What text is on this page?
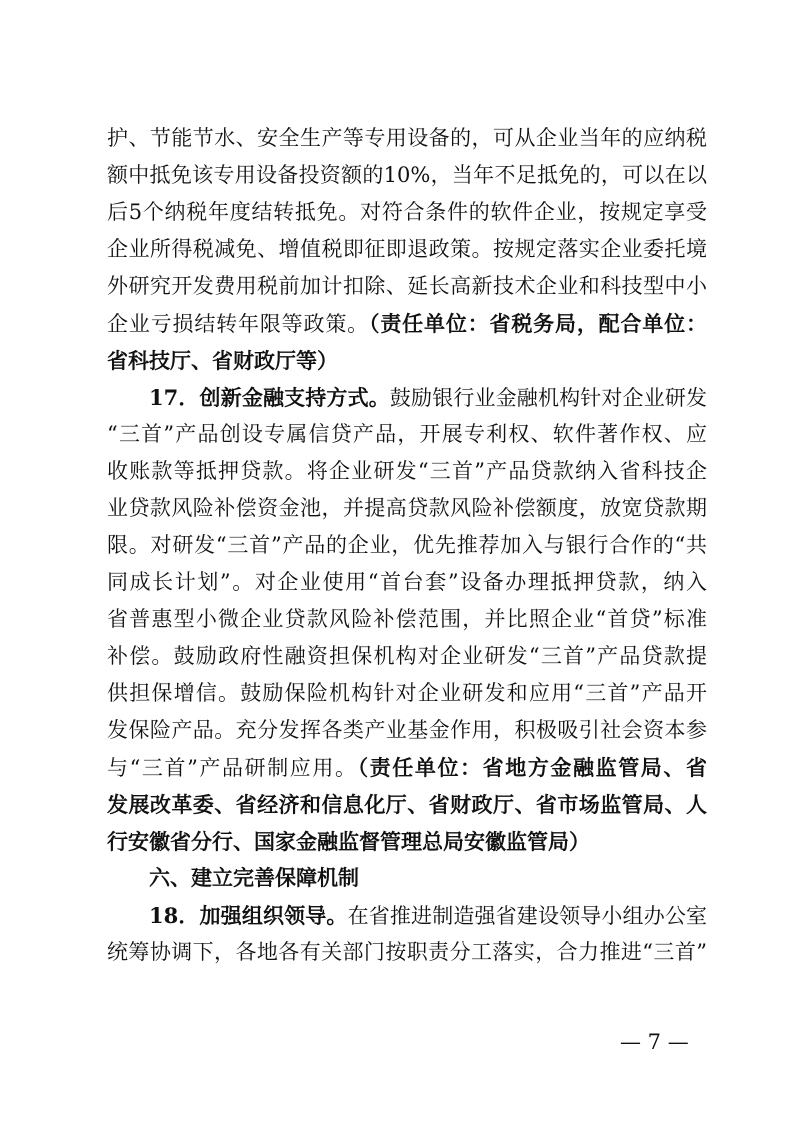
护、节能节水、安全生产等专用设备的，可从企业当年的应纳税
额中抵免该专用设备投资额的10%，当年不足抵免的，可以在以
后5个纳税年度结转抵免。对符合条件的软件企业，按规定享受
企业所得税减免、增值税即征即退政策。按规定落实企业委托境
外研究开发费用税前加计扣除、延长高新技术企业和科技型中小
企业亏损结转年限等政策。（责任单位：省税务局，配合单位：
省科技厅、省财政厅等）
17．创新金融支持方式。鼓励银行业金融机构针对企业研发
“三首”产品创设专属信贷产品，开展专利权、软件著作权、应
收账款等抵押贷款。将企业研发“三首”产品贷款纳入省科技企
业贷款风险补偿资金池，并提高贷款风险补偿额度，放宽贷款期
限。对研发“三首”产品的企业，优先推荐加入与银行合作的“共
同成长计划”。对企业使用“首台套”设备办理抵押贷款，纳入
省普惠型小微企业贷款风险补偿范围，并比照企业“首贷”标准
补偿。鼓励政府性融资担保机构对企业研发“三首”产品贷款提
供担保增信。鼓励保险机构针对企业研发和应用“三首”产品开
发保险产品。充分发挥各类产业基金作用，积极吸引社会资本参
与“三首”产品研制应用。（责任单位：省地方金融监管局、省
发展改革委、省经济和信息化厅、省财政厅、省市场监管局、人
行安徽省分行、国家金融监督管理总局安徽监管局）
六、建立完善保障机制
18．加强组织领导。在省推进制造强省建设领导小组办公室
统筹协调下，各地各有关部门按职责分工落实，合力推进“三首”
— 7 —
